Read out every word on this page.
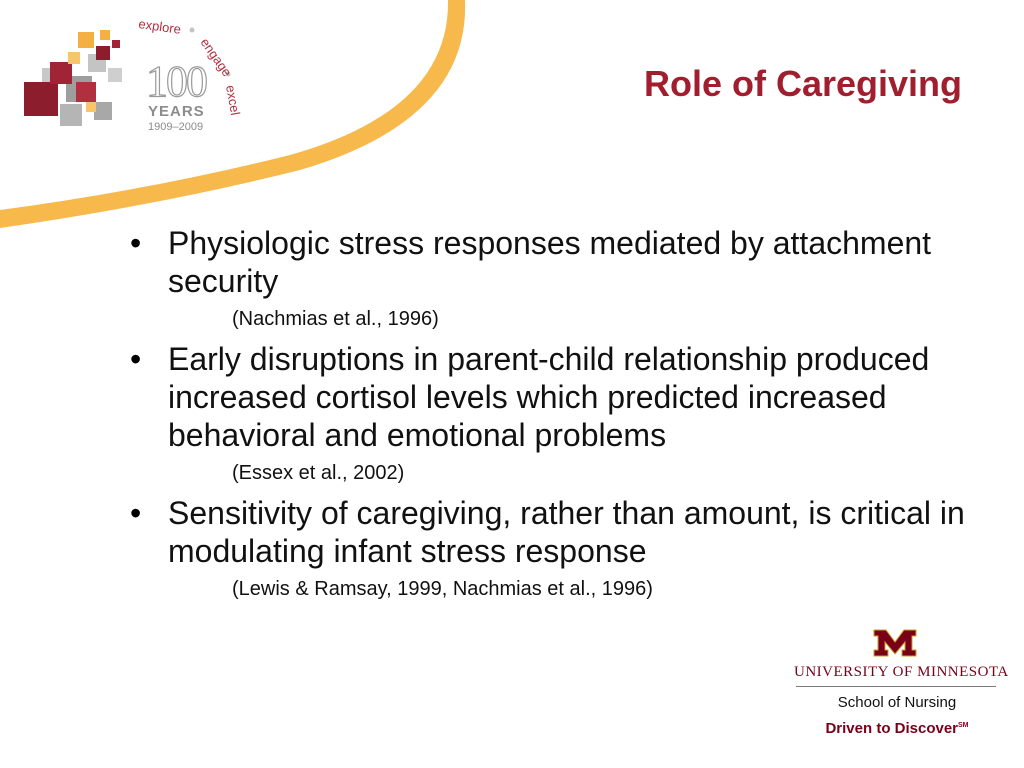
explore
engage
excel
100
YEARS
1909–2009
Role of Caregiving
• Physiologic stress responses mediated by attachment security
(Nachmias et al., 1996)
• Early disruptions in parent-child relationship produced increased cortisol levels which predicted increased behavioral and emotional problems
(Essex et al., 2002)
• Sensitivity of caregiving, rather than amount, is critical in modulating infant stress response
(Lewis & Ramsay, 1999, Nachmias et al., 1996)
UNIVERSITY OF MINNESOTA
School of Nursing
Driven to Discover℠
